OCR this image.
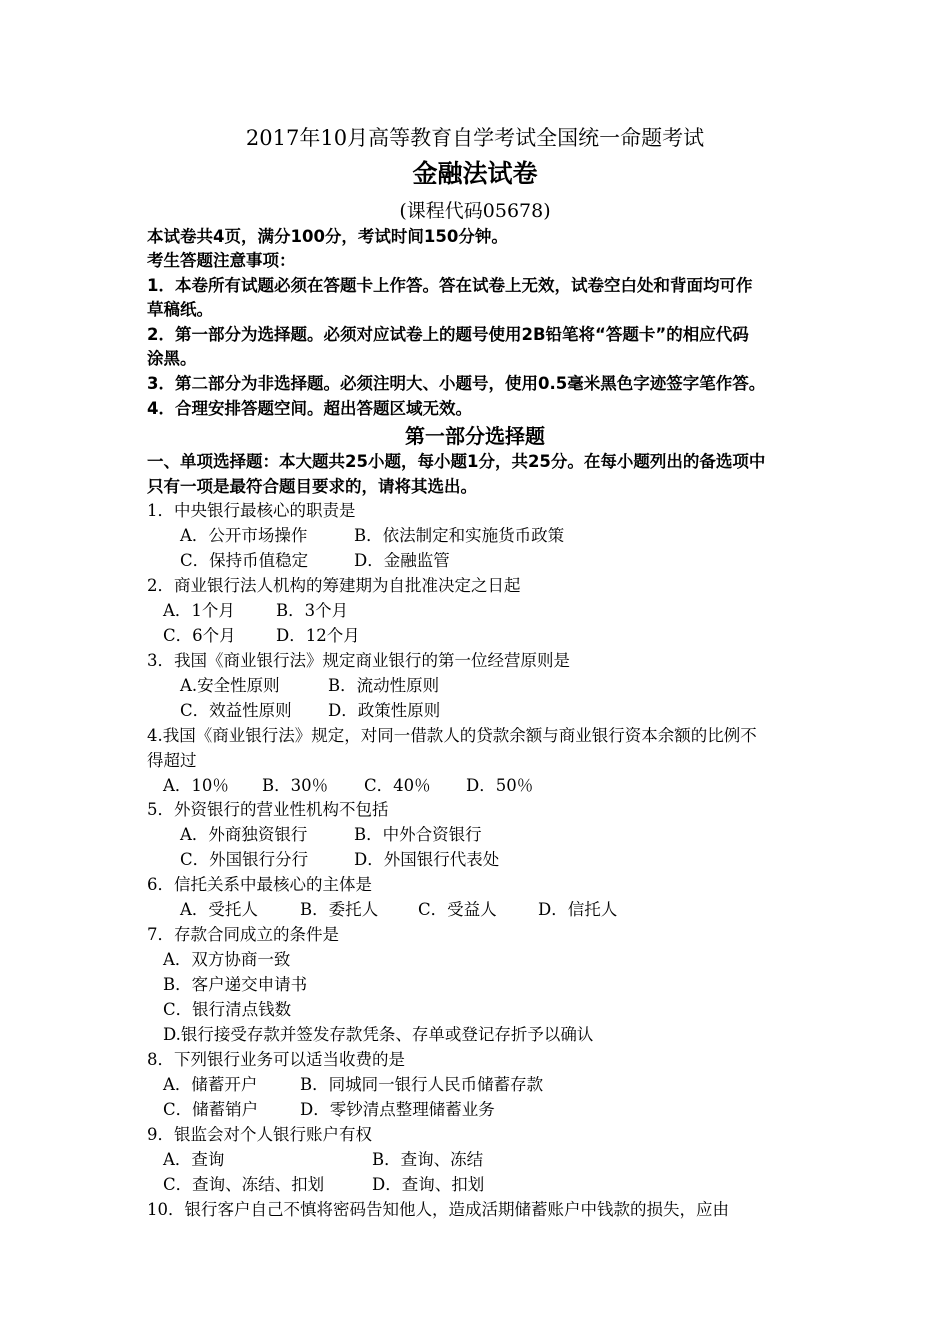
2017年10月高等教育自学考试全国统一命题考试
金融法试卷
(课程代码05678)
本试卷共4页，满分100分，考试时间150分钟。
考生答题注意事项：
1．本卷所有试题必须在答题卡上作答。答在试卷上无效，试卷空白处和背面均可作
草稿纸。
2．第一部分为选择题。必须对应试卷上的题号使用2B铅笔将“答题卡”的相应代码
涂黑。
3．第二部分为非选择题。必须注明大、小题号，使用0.5毫米黑色字迹签字笔作答。
4．合理安排答题空间。超出答题区域无效。
第一部分选择题
一、单项选择题：本大题共25小题，每小题1分，共25分。在每小题列出的备选项中
只有一项是最符合题目要求的，请将其选出。
1．中央银行最核心的职责是
A．公开市场操作	B．依法制定和实施货币政策
C．保持币值稳定	D．金融监管
2．商业银行法人机构的筹建期为自批准决定之日起
A．1个月 B．3个月
C．6个月 D．12个月
3．我国《商业银行法》规定商业银行的第一位经营原则是
A.安全性原则	B．流动性原则
C．效益性原则 D．政策性原则
4.我国《商业银行法》规定，对同一借款人的贷款余额与商业银行资本余额的比例不
得超过
A．10％ B．30％ C．40％ D．50％
5．外资银行的营业性机构不包括
A．外商独资银行	B．中外合资银行
C．外国银行分行	D．外国银行代表处
6．信托关系中最核心的主体是
A．受托人	B．委托人 C．受益人	D．信托人
7．存款合同成立的条件是
A．双方协商一致
B．客户递交申请书
C．银行清点钱数
D.银行接受存款并签发存款凭条、存单或登记存折予以确认
8．下列银行业务可以适当收费的是
A．储蓄开户	B．同城同一银行人民币储蓄存款
C．储蓄销户	D．零钞清点整理储蓄业务
9．银监会对个人银行账户有权
A．查询	B．查询、冻结
C．查询、冻结、扣划	D．查询、扣划
10．银行客户自己不慎将密码告知他人，造成活期储蓄账户中钱款的损失，应由
